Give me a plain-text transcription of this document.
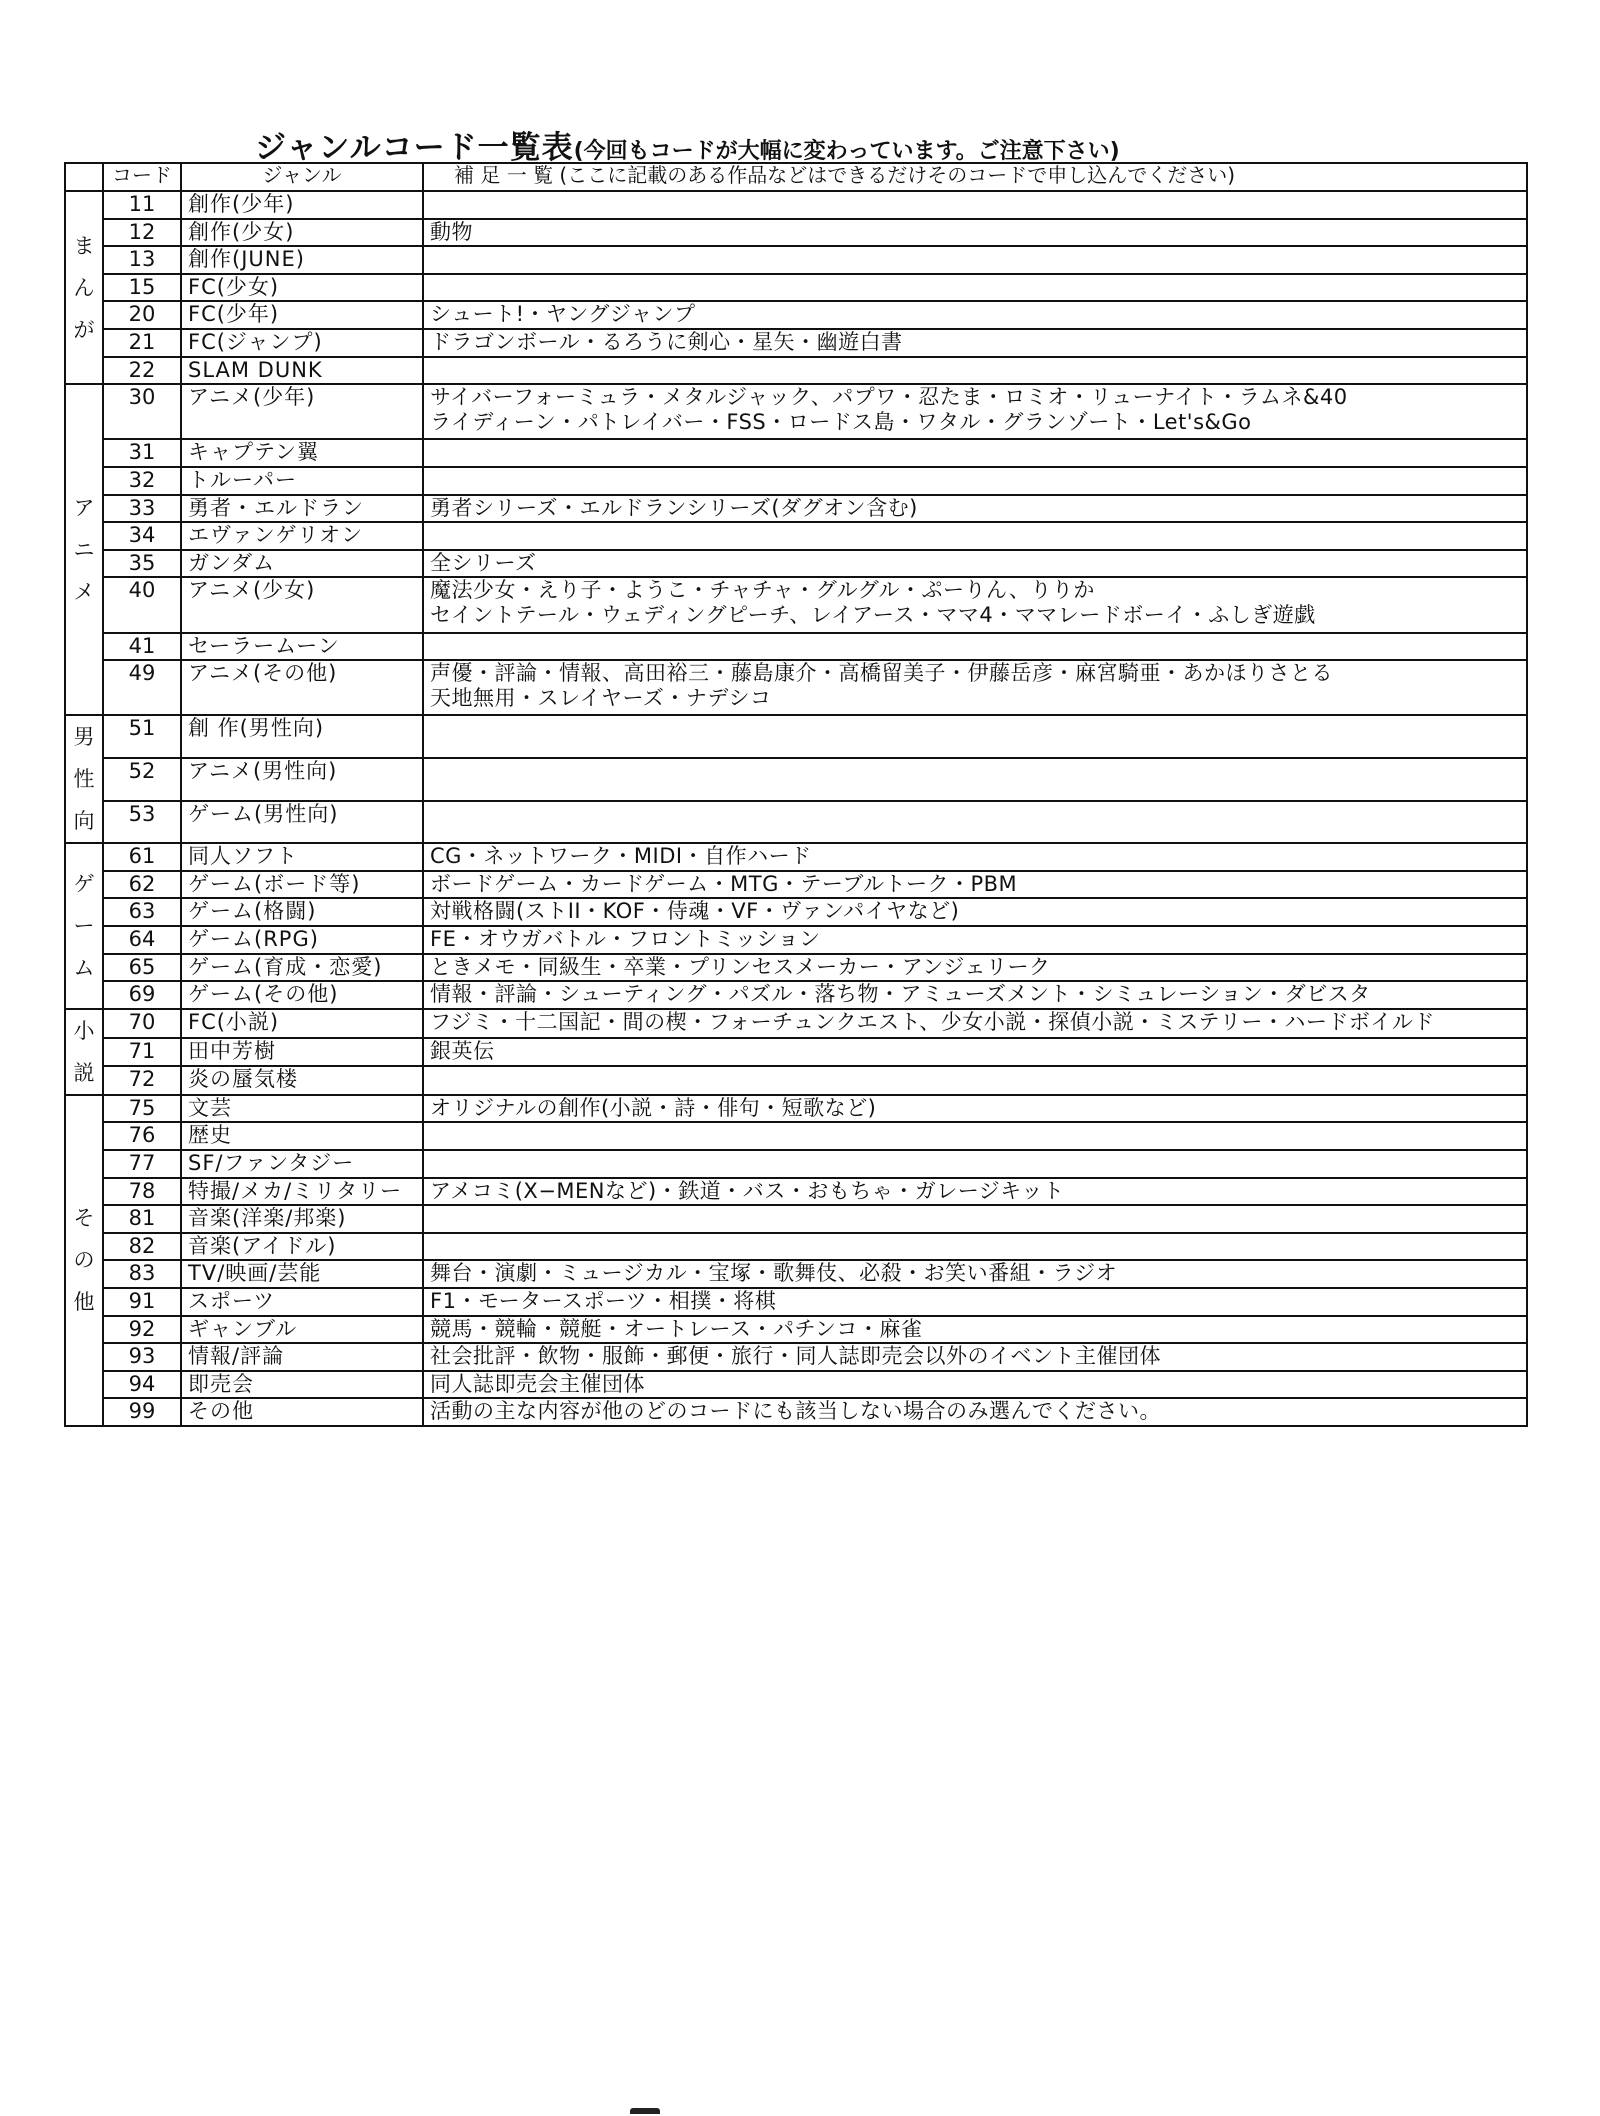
ジャンルコード一覧表(今回もコードが大幅に変わっています。ご注意下さい)
	コード	ジャンル	補 足 一 覧 (ここに記載のある作品などはできるだけそのコードで申し込んでください)
まんが	11	創作(少年)	
	12	創作(少女)	動物

	13	創作(JUNE)	
	15	FC(少女)	
	20	FC(少年)	シュート!・ヤングジャンプ

	21	FC(ジャンプ)	ドラゴンボール・るろうに剣心・星矢・幽遊白書

	22	SLAM DUNK	
アニメ	30	アニメ(少年)	サイバーフォーミュラ・メタルジャック、パプワ・忍たま・ロミオ・リューナイト・ラムネ&40
ライディーン・パトレイバー・FSS・ロードス島・ワタル・グランゾート・Let's&Go

	31	キャプテン翼	
	32	トルーパー	
	33	勇者・エルドラン	勇者シリーズ・エルドランシリーズ(ダグオン含む)

	34	エヴァンゲリオン	
	35	ガンダム	全シリーズ

	40	アニメ(少女)	魔法少女・えり子・ようこ・チャチャ・グルグル・ぷーりん、りりか
セイントテール・ウェディングピーチ、レイアース・ママ4・ママレードボーイ・ふしぎ遊戯

	41	セーラームーン	
	49	アニメ(その他)	声優・評論・情報、高田裕三・藤島康介・高橋留美子・伊藤岳彦・麻宮騎亜・あかほりさとる
天地無用・スレイヤーズ・ナデシコ

男性向	51	創 作(男性向)	
	52	アニメ(男性向)	
	53	ゲーム(男性向)	
ゲーム	61	同人ソフト	CG・ネットワーク・MIDI・自作ハード

	62	ゲーム(ボード等)	ボードゲーム・カードゲーム・MTG・テーブルトーク・PBM

	63	ゲーム(格闘)	対戦格闘(ストII・KOF・侍魂・VF・ヴァンパイヤなど)

	64	ゲーム(RPG)	FE・オウガバトル・フロントミッション

	65	ゲーム(育成・恋愛)	ときメモ・同級生・卒業・プリンセスメーカー・アンジェリーク

	69	ゲーム(その他)	情報・評論・シューティング・パズル・落ち物・アミューズメント・シミュレーション・ダビスタ

小説	70	FC(小説)	フジミ・十二国記・間の楔・フォーチュンクエスト、少女小説・探偵小説・ミステリー・ハードボイルド

	71	田中芳樹	銀英伝

	72	炎の蜃気楼	
その他	75	文芸	オリジナルの創作(小説・詩・俳句・短歌など)

	76	歴史	
	77	SF/ファンタジー	
	78	特撮/メカ/ミリタリー	アメコミ(X−MENなど)・鉄道・バス・おもちゃ・ガレージキット

	81	音楽(洋楽/邦楽)	
	82	音楽(アイドル)	
	83	TV/映画/芸能	舞台・演劇・ミュージカル・宝塚・歌舞伎、必殺・お笑い番組・ラジオ

	91	スポーツ	F1・モータースポーツ・相撲・将棋

	92	ギャンブル	競馬・競輪・競艇・オートレース・パチンコ・麻雀

	93	情報/評論	社会批評・飲物・服飾・郵便・旅行・同人誌即売会以外のイベント主催団体

	94	即売会	同人誌即売会主催団体

	99	その他	活動の主な内容が他のどのコードにも該当しない場合のみ選んでください。
